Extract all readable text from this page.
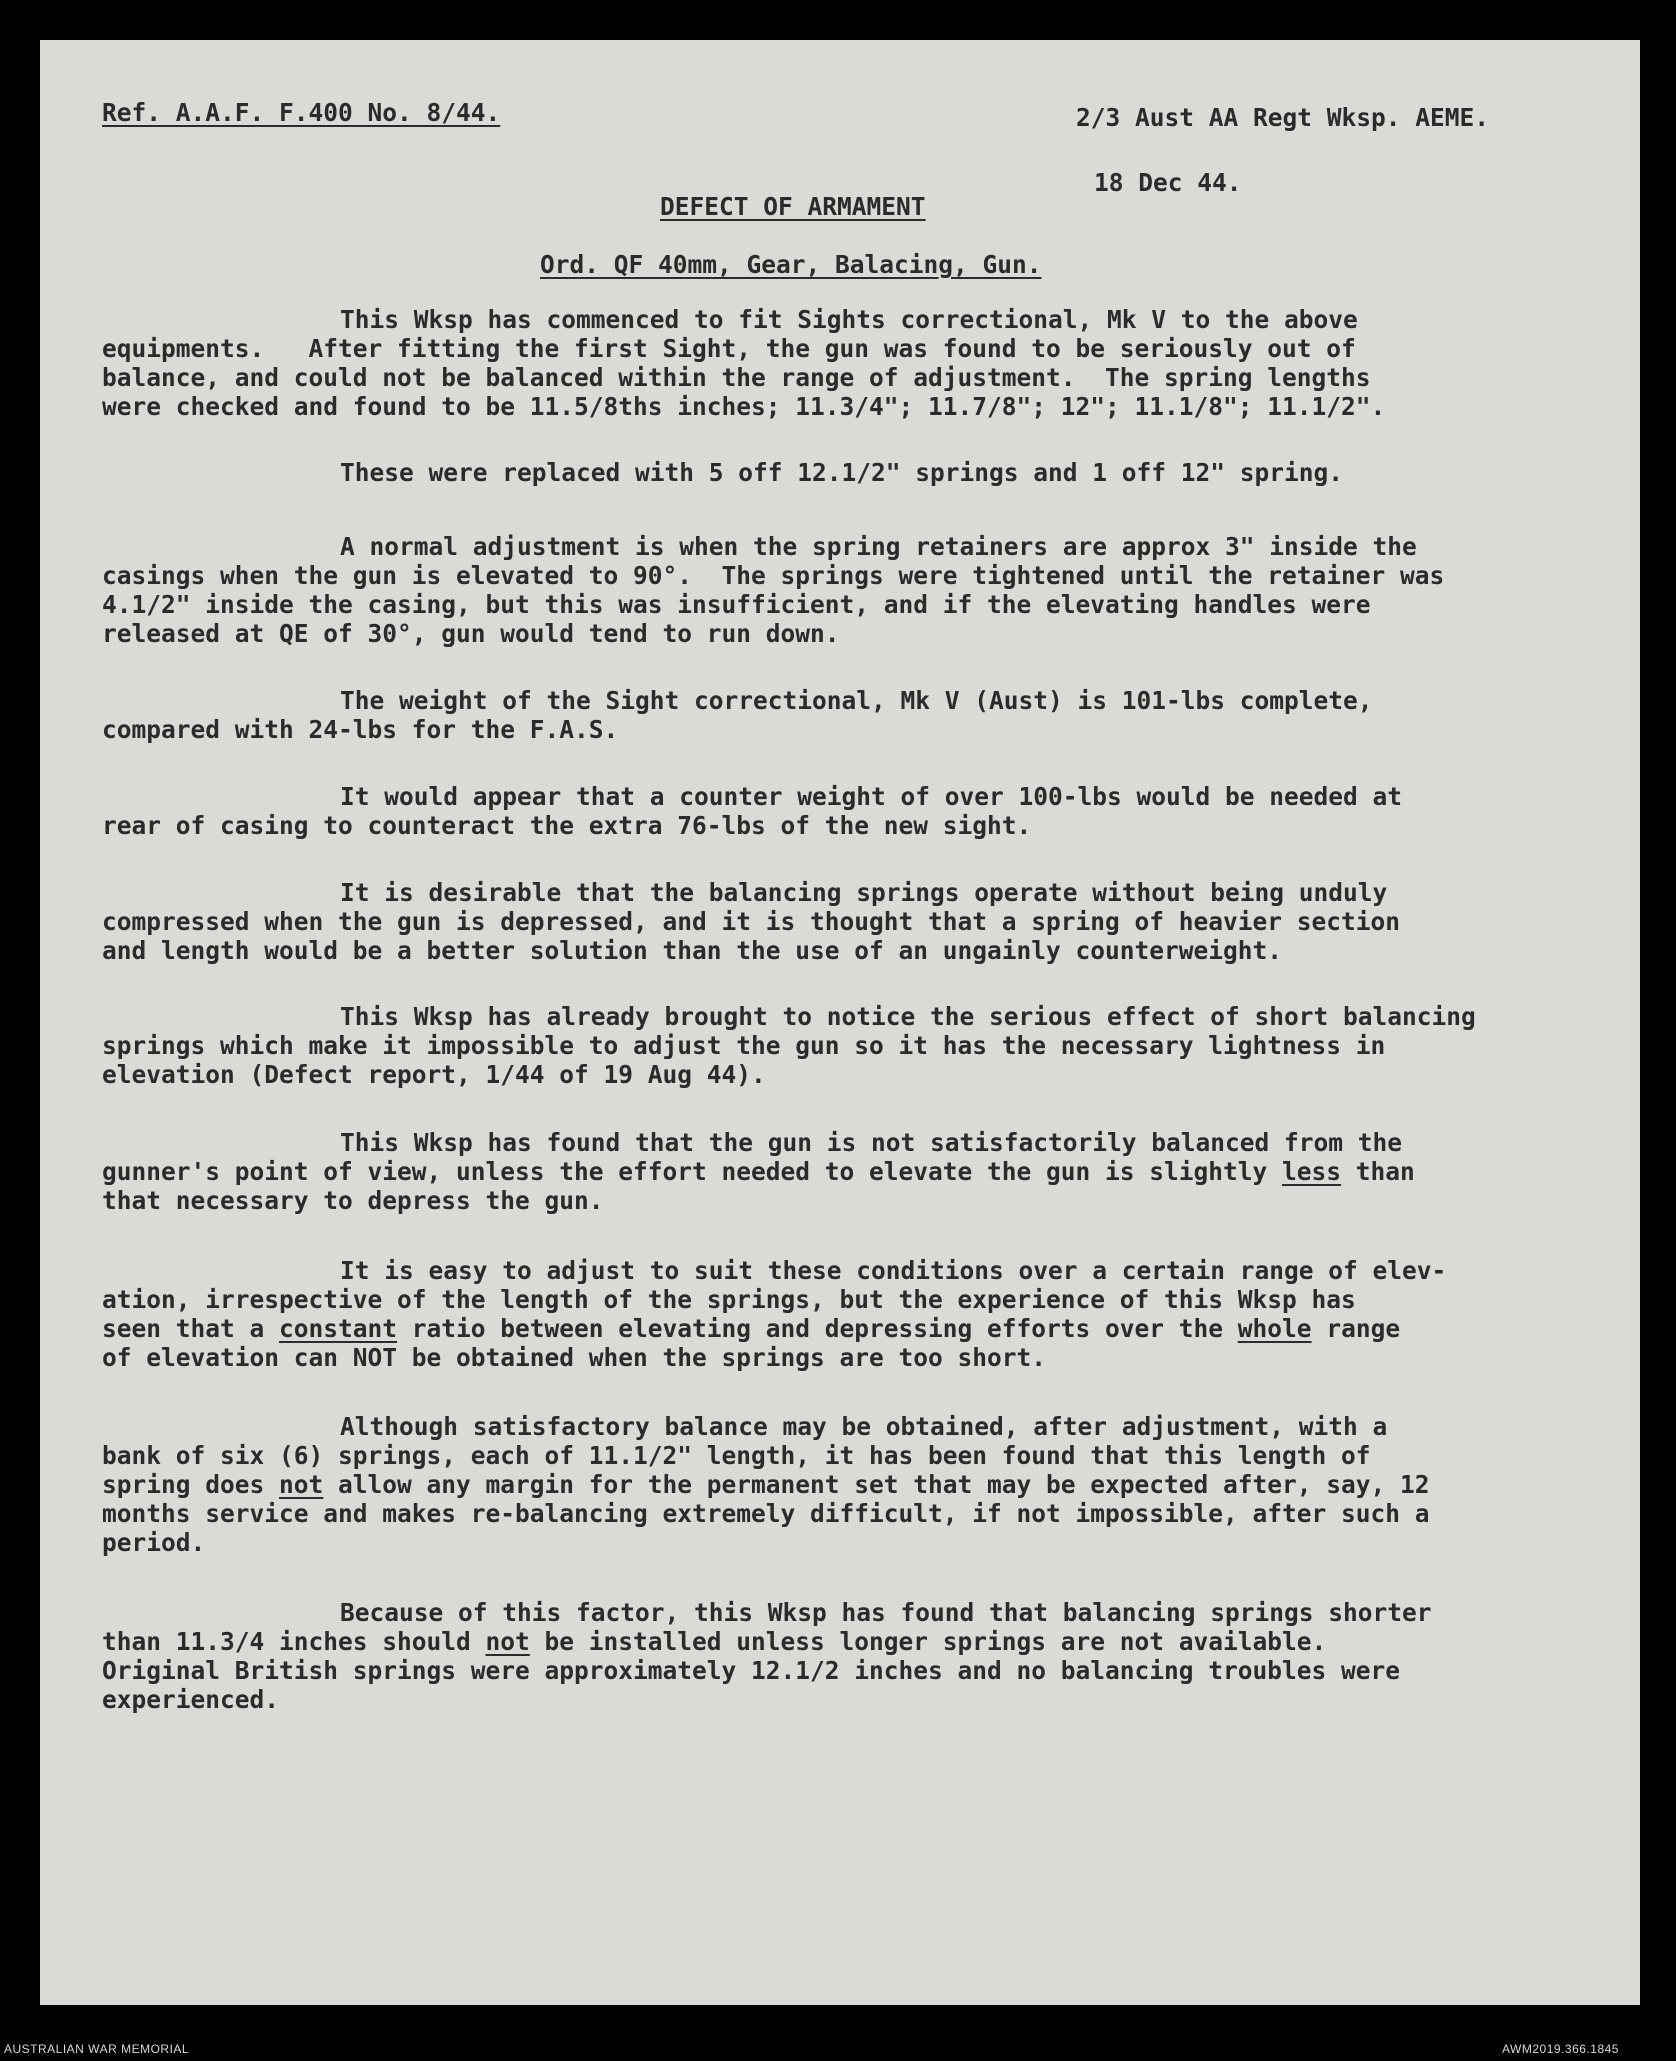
Ref. A.A.F. F.400 No. 8/44.	2/3 Aust AA Regt Wksp. AEME.
18 Dec 44.
DEFECT OF ARMAMENT
Ord. QF 40mm, Gear, Balacing, Gun.
This Wksp has commenced to fit Sights correctional, Mk V to the above
equipments.   After fitting the first Sight, the gun was found to be seriously out of
balance, and could not be balanced within the range of adjustment.  The spring lengths
were checked and found to be 11.5/8ths inches; 11.3/4"; 11.7/8"; 12"; 11.1/8"; 11.1/2".
These were replaced with 5 off 12.1/2" springs and 1 off 12" spring.
A normal adjustment is when the spring retainers are approx 3" inside the
casings when the gun is elevated to 90°.  The springs were tightened until the retainer was
4.1/2" inside the casing, but this was insufficient, and if the elevating handles were
released at QE of 30°, gun would tend to run down.
The weight of the Sight correctional, Mk V (Aust) is 101-lbs complete,
compared with 24-lbs for the F.A.S.
It would appear that a counter weight of over 100-lbs would be needed at
rear of casing to counteract the extra 76-lbs of the new sight.
It is desirable that the balancing springs operate without being unduly
compressed when the gun is depressed, and it is thought that a spring of heavier section
and length would be a better solution than the use of an ungainly counterweight.
This Wksp has already brought to notice the serious effect of short balancing
springs which make it impossible to adjust the gun so it has the necessary lightness in
elevation (Defect report, 1/44 of 19 Aug 44).
This Wksp has found that the gun is not satisfactorily balanced from the
gunner's point of view, unless the effort needed to elevate the gun is slightly less than
that necessary to depress the gun.
It is easy to adjust to suit these conditions over a certain range of elev-
ation, irrespective of the length of the springs, but the experience of this Wksp has
seen that a constant ratio between elevating and depressing efforts over the whole range
of elevation can NOT be obtained when the springs are too short.
Although satisfactory balance may be obtained, after adjustment, with a
bank of six (6) springs, each of 11.1/2" length, it has been found that this length of
spring does not allow any margin for the permanent set that may be expected after, say, 12
months service and makes re-balancing extremely difficult, if not impossible, after such a
period.
Because of this factor, this Wksp has found that balancing springs shorter
than 11.3/4 inches should not be installed unless longer springs are not available.
Original British springs were approximately 12.1/2 inches and no balancing troubles were
experienced.
AUSTRALIAN WAR MEMORIAL	AWM2019.366.1845
